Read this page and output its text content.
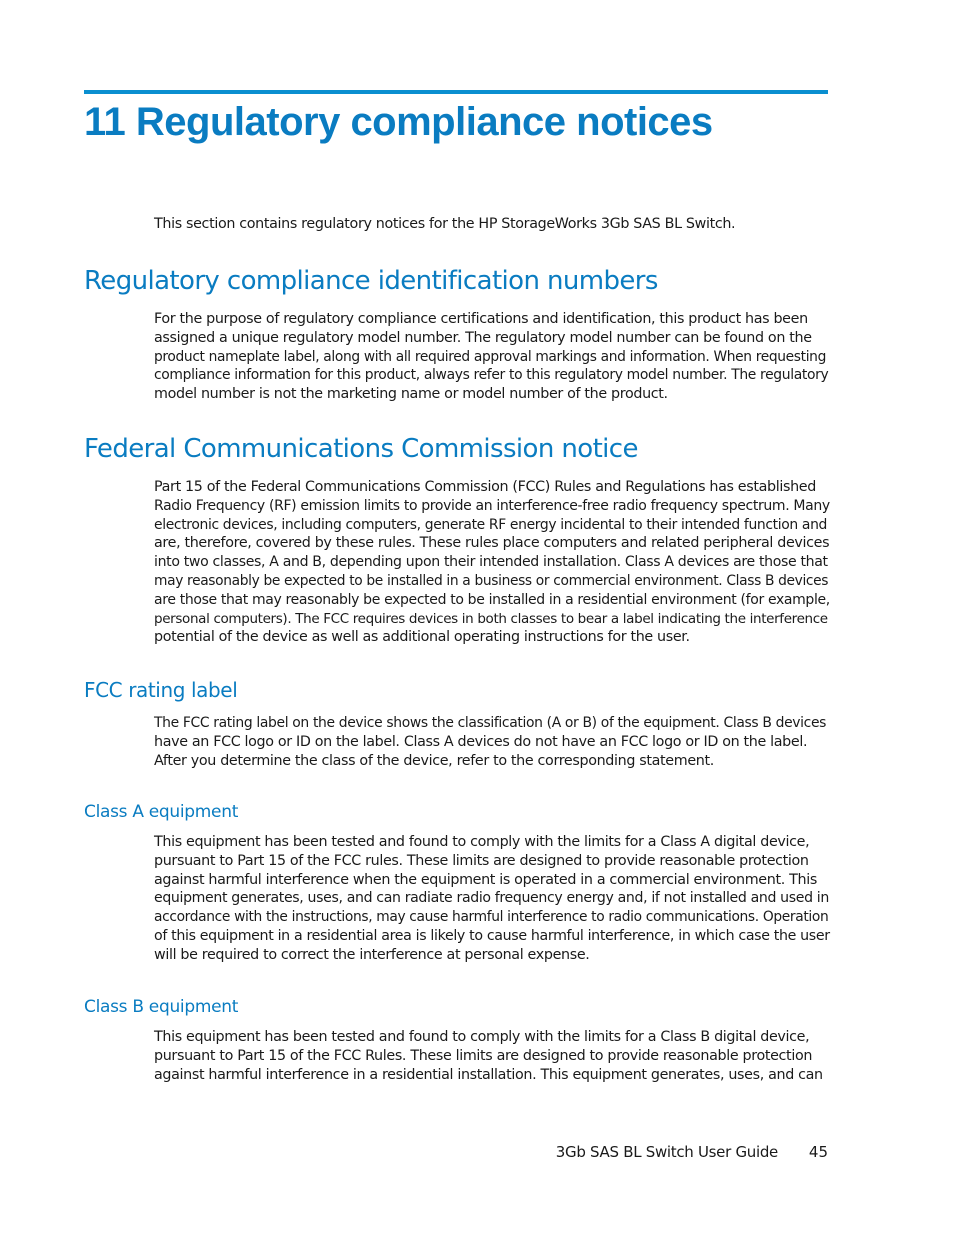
11 Regulatory compliance notices

This section contains regulatory notices for the HP StorageWorks 3Gb SAS BL Switch.

Regulatory compliance identification numbers

For the purpose of regulatory compliance certifications and identification, this product has been
assigned a unique regulatory model number. The regulatory model number can be found on the
product nameplate label, along with all required approval markings and information. When requesting
compliance information for this product, always refer to this regulatory model number. The regulatory
model number is not the marketing name or model number of the product.

Federal Communications Commission notice

Part 15 of the Federal Communications Commission (FCC) Rules and Regulations has established
Radio Frequency (RF) emission limits to provide an interference-free radio frequency spectrum. Many
electronic devices, including computers, generate RF energy incidental to their intended function and
are, therefore, covered by these rules. These rules place computers and related peripheral devices
into two classes, A and B, depending upon their intended installation. Class A devices are those that
may reasonably be expected to be installed in a business or commercial environment. Class B devices
are those that may reasonably be expected to be installed in a residential environment (for example,
personal computers). The FCC requires devices in both classes to bear a label indicating the interference
potential of the device as well as additional operating instructions for the user.

FCC rating label

The FCC rating label on the device shows the classification (A or B) of the equipment. Class B devices
have an FCC logo or ID on the label. Class A devices do not have an FCC logo or ID on the label.
After you determine the class of the device, refer to the corresponding statement.

Class A equipment

This equipment has been tested and found to comply with the limits for a Class A digital device,
pursuant to Part 15 of the FCC rules. These limits are designed to provide reasonable protection
against harmful interference when the equipment is operated in a commercial environment. This
equipment generates, uses, and can radiate radio frequency energy and, if not installed and used in
accordance with the instructions, may cause harmful interference to radio communications. Operation
of this equipment in a residential area is likely to cause harmful interference, in which case the user
will be required to correct the interference at personal expense.

Class B equipment

This equipment has been tested and found to comply with the limits for a Class B digital device,
pursuant to Part 15 of the FCC Rules. These limits are designed to provide reasonable protection
against harmful interference in a residential installation. This equipment generates, uses, and can

3Gb SAS BL Switch User Guide 45
